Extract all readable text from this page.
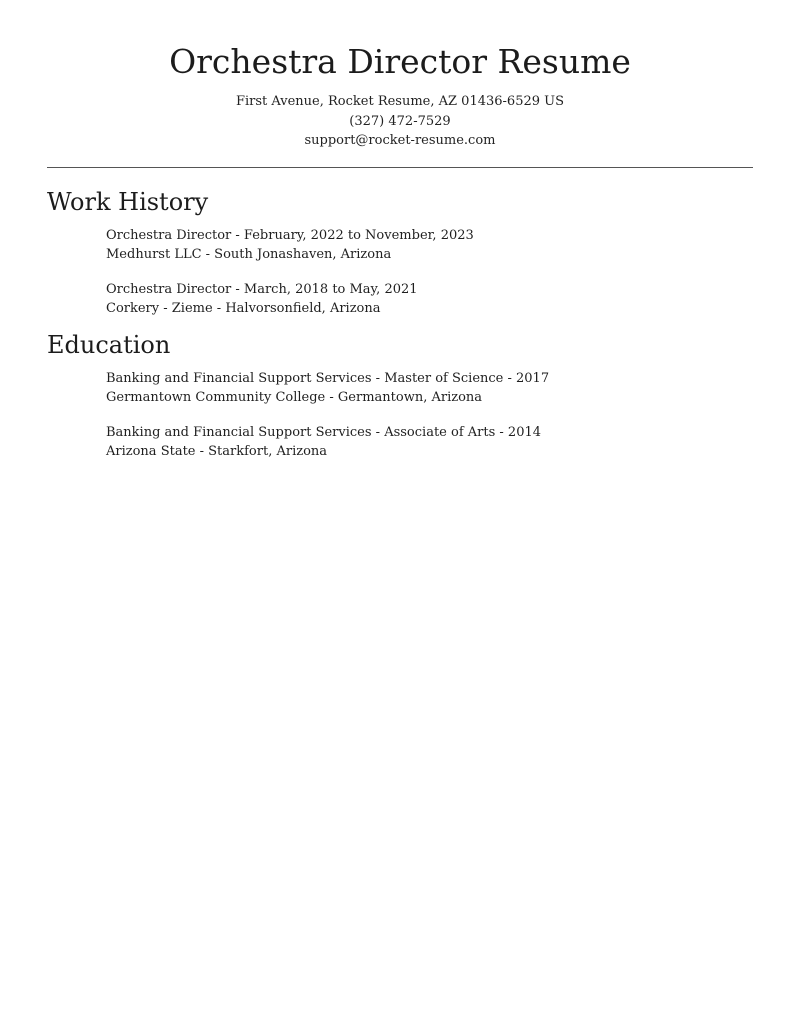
Orchestra Director Resume
First Avenue, Rocket Resume, AZ 01436-6529 US
(327) 472-7529
support@rocket-resume.com
Work History
Orchestra Director - February, 2022 to November, 2023
Medhurst LLC - South Jonashaven, Arizona
Orchestra Director - March, 2018 to May, 2021
Corkery - Zieme - Halvorsonfield, Arizona
Education
Banking and Financial Support Services - Master of Science - 2017
Germantown Community College - Germantown, Arizona
Banking and Financial Support Services - Associate of Arts - 2014
Arizona State - Starkfort, Arizona
